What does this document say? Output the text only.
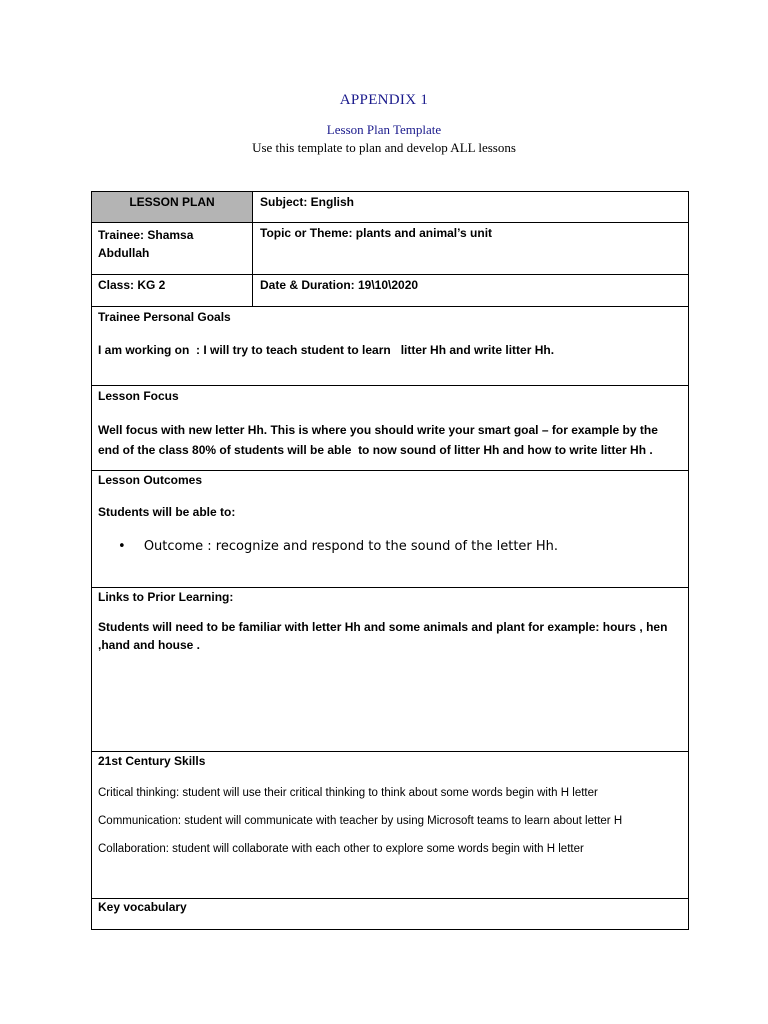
APPENDIX 1
Lesson Plan Template
Use this template to plan and develop ALL lessons
LESSON PLAN	Subject: English
Trainee: Shamsa Abdullah
Topic or Theme: plants and animal’s unit
Class: KG 2	Date & Duration: 19\10\2020
Trainee Personal Goals
I am working on  : I will try to teach student to learn   litter Hh and write litter Hh.
Lesson Focus
Well focus with new letter Hh. This is where you should write your smart goal – for example by the end of the class 80% of students will be able  to now sound of litter Hh and how to write litter Hh .
Lesson Outcomes
Students will be able to:
• Outcome : recognize and respond to the sound of the letter Hh.
Links to Prior Learning:
Students will need to be familiar with letter Hh and some animals and plant for example: hours , hen ,hand and house .
21st Century Skills
Critical thinking: student will use their critical thinking to think about some words begin with H letter
Communication: student will communicate with teacher by using Microsoft teams to learn about letter H
Collaboration: student will collaborate with each other to explore some words begin with H letter
Key vocabulary
